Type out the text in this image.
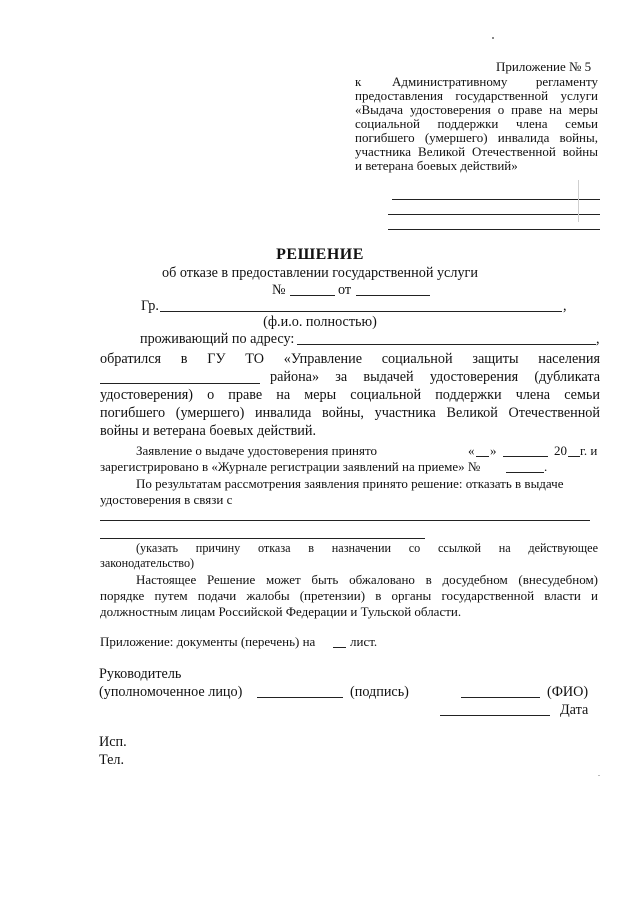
Приложение № 5
к Административному регламенту
предоставления государственной услуги
«Выдача удостоверения о праве на меры
социальной поддержки члена семьи
погибшего (умершего) инвалида войны,
участника Великой Отечественной войны
и ветерана боевых действий»
РЕШЕНИЕ
об отказе в предоставлении государственной услуги
№	от
Гр.	,
(ф.и.о. полностью)
проживающий по адресу:	,
обратился в ГУ ТО «Управление социальной защиты населения
района» за выдачей удостоверения (дубликата
удостоверения) о праве на меры социальной поддержки члена семьи
погибшего (умершего) инвалида войны, участника Великой Отечественной
войны и ветерана боевых действий.
Заявление о выдаче удостоверения принято	« »	20 г. и
зарегистрировано в «Журнале регистрации заявлений на приеме» №	.
По результатам рассмотрения заявления принято решение: отказать в выдаче
удостоверения в связи с
(указать причину отказа в назначении со ссылкой на действующее
законодательство)
Настоящее Решение может быть обжаловано в досудебном (внесудебном)
порядке путем подачи жалобы (претензии) в органы государственной власти и
должностным лицам Российской Федерации и Тульской области.
Приложение: документы (перечень) на	лист.
Руководитель
(уполномоченное лицо)	(подпись)	(ФИО)
Дата
Исп.
Тел.
